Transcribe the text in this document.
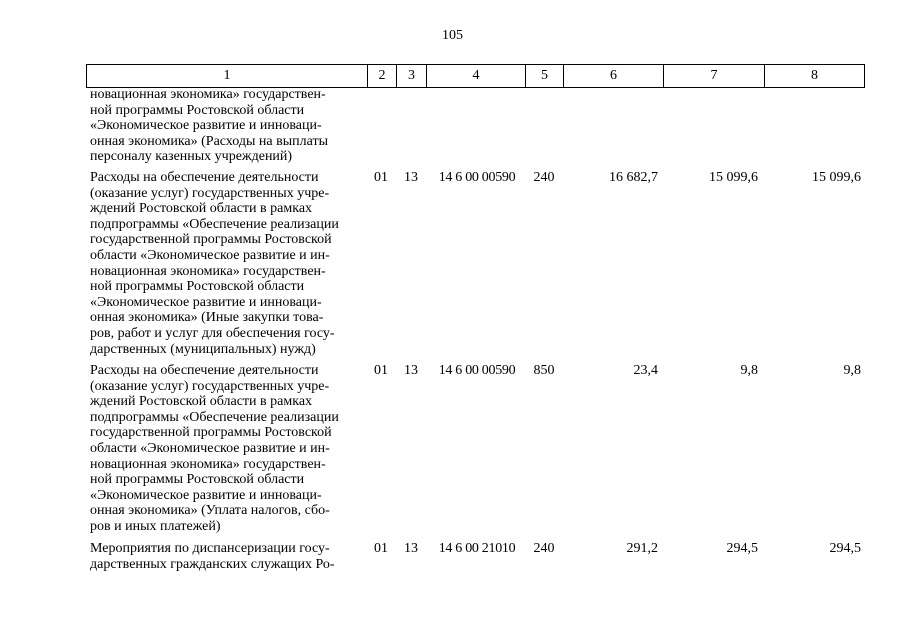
105
1	2	3	4	5	6	7	8

новационная экономика» государствен-

ной программы Ростовской области

«Экономическое развитие и инноваци-

онная экономика» (Расходы на выплаты

персоналу казенных учреждений)

Расходы на обеспечение деятельности

(оказание услуг) государственных учре-

ждений Ростовской области в рамках

подпрограммы «Обеспечение реализации

государственной программы Ростовской

области «Экономическое развитие и ин-

новационная экономика» государствен-

ной программы Ростовской области

«Экономическое развитие и инноваци-

онная экономика» (Иные закупки това-

ров, работ и услуг для обеспечения госу-

дарственных (муниципальных) нужд)

01	13	14 6 00 00590	240	16 682,7	15 099,6	15 099,6

Расходы на обеспечение деятельности

(оказание услуг) государственных учре-

ждений Ростовской области в рамках

подпрограммы «Обеспечение реализации

государственной программы Ростовской

области «Экономическое развитие и ин-

новационная экономика» государствен-

ной программы Ростовской области

«Экономическое развитие и инноваци-

онная экономика» (Уплата налогов, сбо-

ров и иных платежей)

01	13	14 6 00 00590	850	23,4	9,8	9,8

Мероприятия по диспансеризации госу-

дарственных гражданских служащих Ро-

01	13	14 6 00 21010	240	291,2	294,5	294,5
